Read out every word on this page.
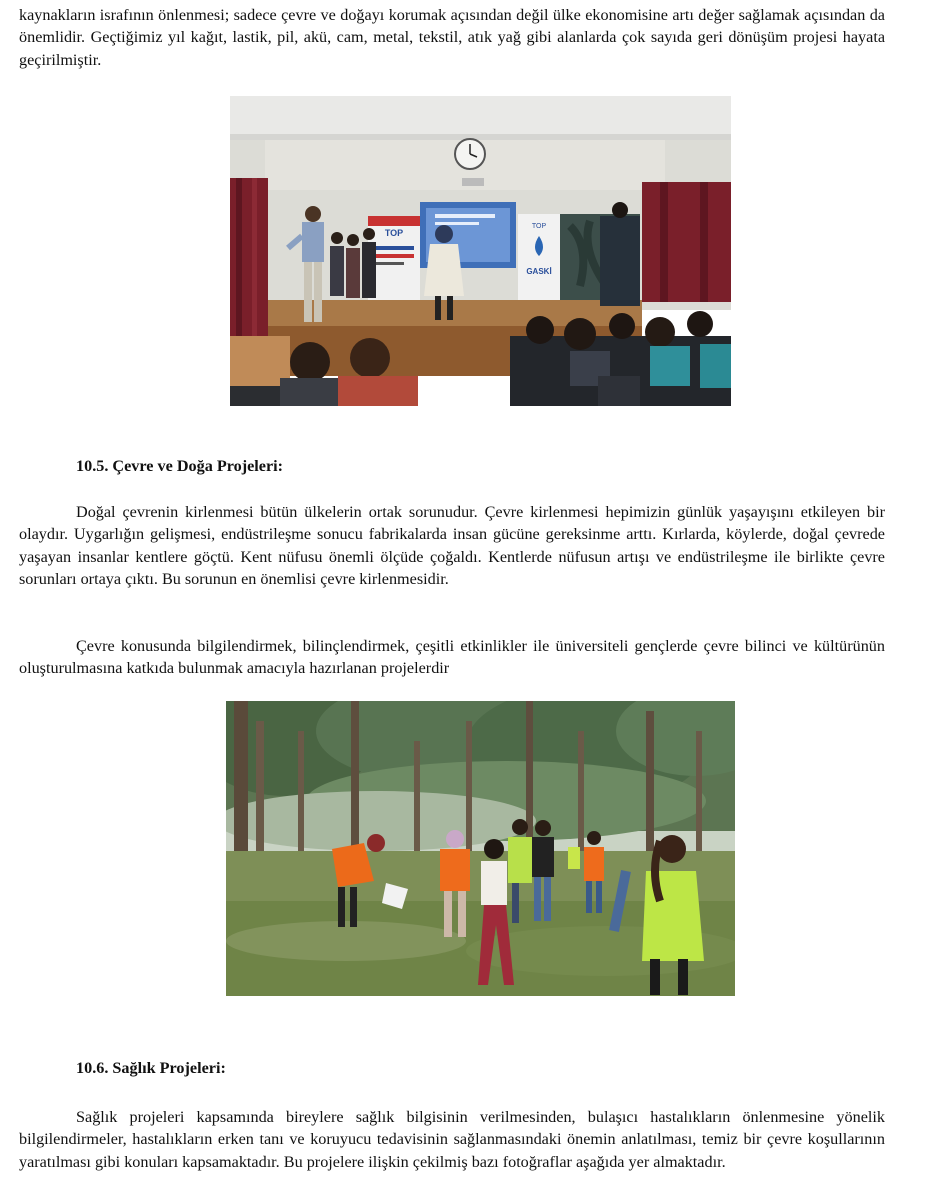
kaynakların israfının önlenmesi; sadece çevre ve doğayı korumak açısından değil ülke ekonomisine artı değer sağlamak açısından da önemlidir. Geçtiğimiz yıl kağıt, lastik, pil, akü, cam, metal, tekstil, atık yağ gibi alanlarda çok sayıda geri dönüşüm projesi hayata geçirilmiştir.

TOP
TOP
GASKİ

10.5. Çevre ve Doğa Projeleri:

Doğal çevrenin kirlenmesi bütün ülkelerin ortak sorunudur. Çevre kirlenmesi hepimizin günlük yaşayışını etkileyen bir olaydır. Uygarlığın gelişmesi, endüstrileşme sonucu fabrikalarda insan gücüne gereksinme arttı. Kırlarda, köylerde, doğal çevrede yaşayan insanlar kentlere göçtü. Kent nüfusu önemli ölçüde çoğaldı. Kentlerde nüfusun artışı ve endüstrileşme ile birlikte çevre sorunları ortaya çıktı. Bu sorunun en önemlisi çevre kirlenmesidir.

Çevre konusunda bilgilendirmek, bilinçlendirmek, çeşitli etkinlikler ile üniversiteli gençlerde çevre bilinci ve kültürünün oluşturulmasına katkıda bulunmak amacıyla hazırlanan projelerdir

10.6. Sağlık Projeleri:

Sağlık projeleri kapsamında bireylere sağlık bilgisinin verilmesinden, bulaşıcı hastalıkların önlenmesine yönelik bilgilendirmeler, hastalıkların erken tanı ve koruyucu tedavisinin sağlanmasındaki önemin anlatılması, temiz bir çevre koşullarının yaratılması gibi konuları kapsamaktadır. Bu projelere ilişkin çekilmiş bazı fotoğraflar aşağıda yer almaktadır.
